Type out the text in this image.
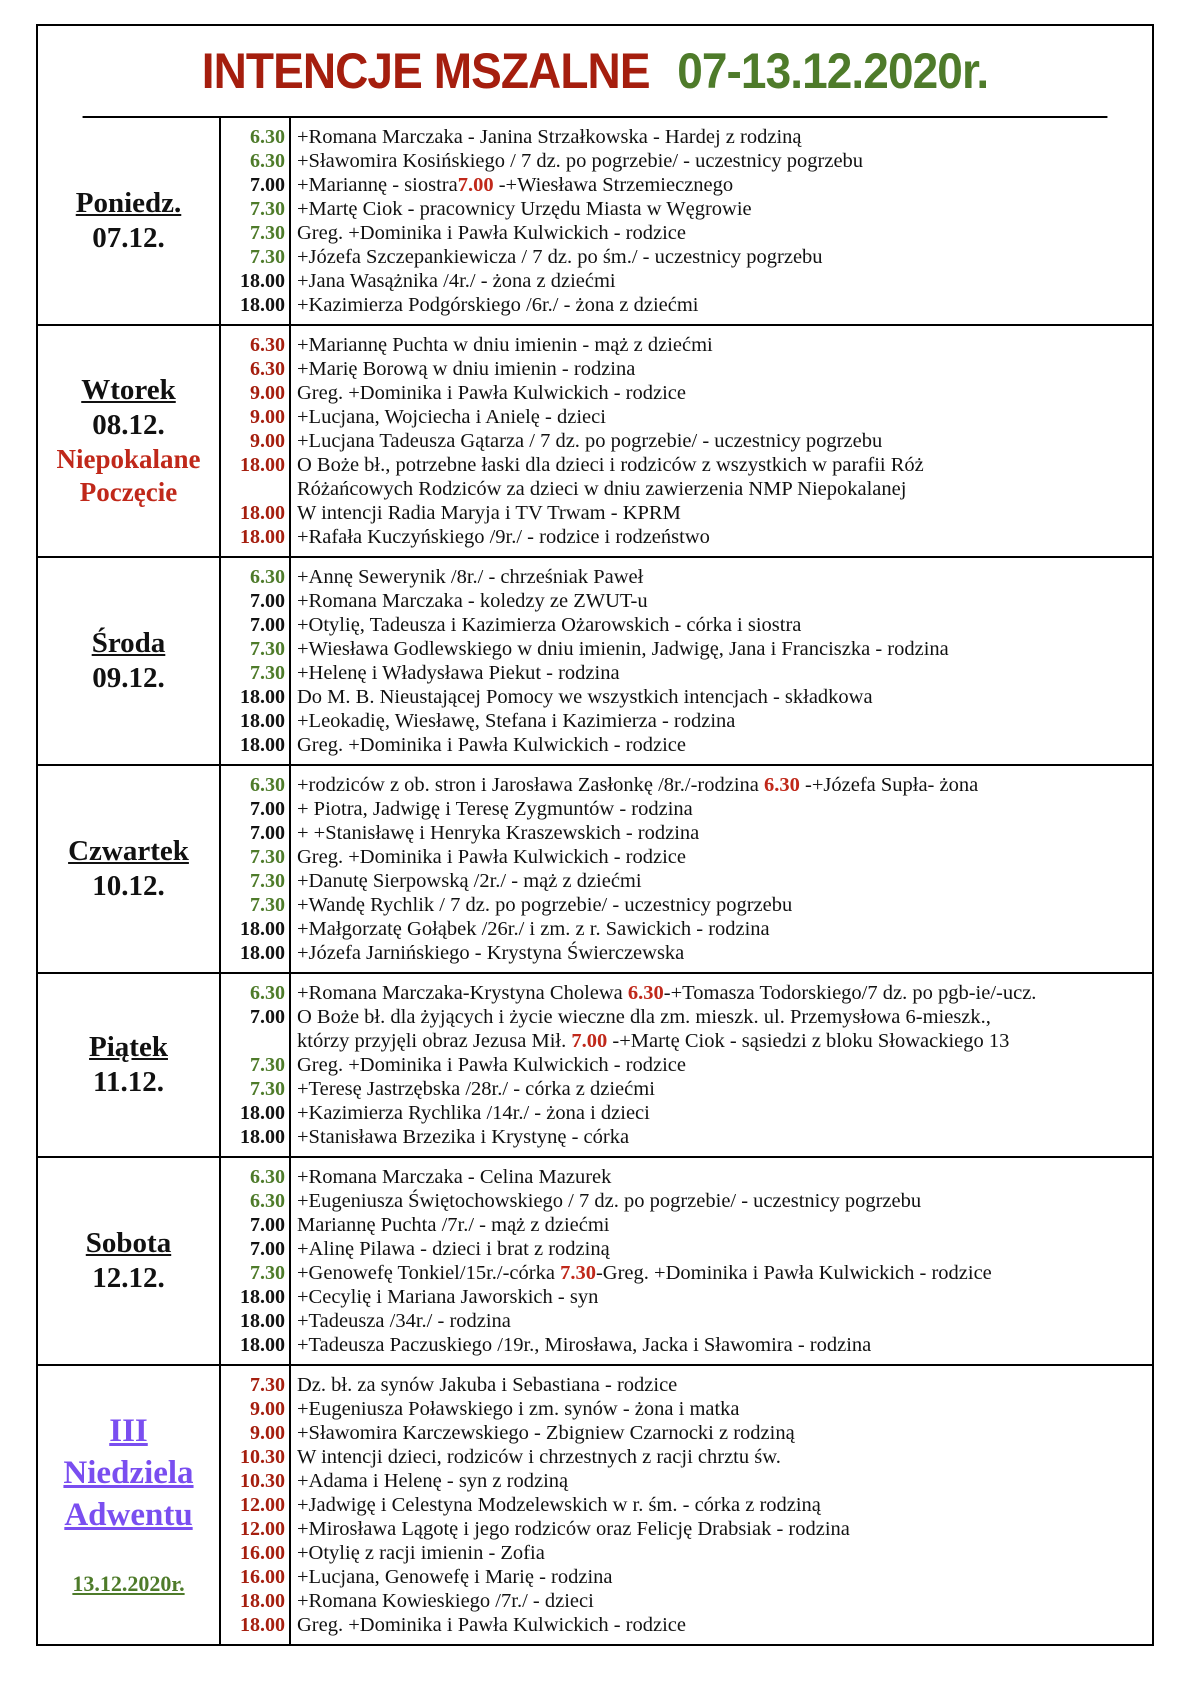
INTENCJE MSZALNE 07-13.12.2020r.
Poniedz.
07.12.
6.30
6.30
7.00
7.30
7.30
7.30
18.00
18.00
+Romana Marczaka - Janina Strzałkowska - Hardej z rodziną
+Sławomira Kosińskiego / 7 dz. po pogrzebie/ - uczestnicy pogrzebu
+Mariannę - siostra7.00 -+Wiesława Strzemiecznego
+Martę Ciok - pracownicy Urzędu Miasta w Węgrowie
Greg. +Dominika i Pawła Kulwickich - rodzice
+Józefa Szczepankiewicza / 7 dz. po śm./ - uczestnicy pogrzebu
+Jana Wasążnika /4r./ - żona z dziećmi
+Kazimierza Podgórskiego /6r./ - żona z dziećmi
Wtorek
08.12.
Niepokalane
Poczęcie
6.30
6.30
9.00
9.00
9.00
18.00

18.00
18.00
+Mariannę Puchta w dniu imienin - mąż z dziećmi
+Marię Borową w dniu imienin - rodzina
Greg. +Dominika i Pawła Kulwickich - rodzice
+Lucjana, Wojciecha i Anielę - dzieci
+Lucjana Tadeusza Gątarza / 7 dz. po pogrzebie/ - uczestnicy pogrzebu
O Boże bł., potrzebne łaski dla dzieci i rodziców z wszystkich w parafii Róż
Różańcowych Rodziców za dzieci w dniu zawierzenia NMP Niepokalanej
W intencji Radia Maryja i TV Trwam - KPRM
+Rafała Kuczyńskiego /9r./ - rodzice i rodzeństwo
Środa
09.12.
6.30
7.00
7.00
7.30
7.30
18.00
18.00
18.00
+Annę Sewerynik /8r./ - chrześniak Paweł
+Romana Marczaka - koledzy ze ZWUT-u
+Otylię, Tadeusza i Kazimierza Ożarowskich - córka i siostra
+Wiesława Godlewskiego w dniu imienin, Jadwigę, Jana i Franciszka - rodzina
+Helenę i Władysława Piekut - rodzina
Do M. B. Nieustającej Pomocy we wszystkich intencjach - składkowa
+Leokadię, Wiesławę, Stefana i Kazimierza - rodzina
Greg. +Dominika i Pawła Kulwickich - rodzice
Czwartek
10.12.
6.30
7.00
7.00
7.30
7.30
7.30
18.00
18.00
+rodziców z ob. stron i Jarosława Zasłonkę /8r./-rodzina 6.30 -+Józefa Supła- żona
+ Piotra, Jadwigę i Teresę Zygmuntów - rodzina
+ +Stanisławę i Henryka Kraszewskich - rodzina
Greg. +Dominika i Pawła Kulwickich - rodzice
+Danutę Sierpowską /2r./ - mąż z dziećmi
+Wandę Rychlik / 7 dz. po pogrzebie/ - uczestnicy pogrzebu
+Małgorzatę Gołąbek /26r./ i zm. z r. Sawickich - rodzina
+Józefa Jarnińskiego - Krystyna Świerczewska
Piątek
11.12.
6.30
7.00

7.30
7.30
18.00
18.00
+Romana Marczaka-Krystyna Cholewa 6.30-+Tomasza Todorskiego/7 dz. po pgb-ie/-ucz.
O Boże bł. dla żyjących i życie wieczne dla zm. mieszk. ul. Przemysłowa 6-mieszk.,
którzy przyjęli obraz Jezusa Mił. 7.00 -+Martę Ciok - sąsiedzi z bloku Słowackiego 13
Greg. +Dominika i Pawła Kulwickich - rodzice
+Teresę Jastrzębska /28r./ - córka z dziećmi
+Kazimierza Rychlika /14r./ - żona i dzieci
+Stanisława Brzezika i Krystynę - córka
Sobota
12.12.
6.30
6.30
7.00
7.00
7.30
18.00
18.00
18.00
+Romana Marczaka - Celina Mazurek
+Eugeniusza Świętochowskiego / 7 dz. po pogrzebie/ - uczestnicy pogrzebu
Mariannę Puchta /7r./ - mąż z dziećmi
+Alinę Pilawa - dzieci i brat z rodziną
+Genowefę Tonkiel/15r./-córka 7.30-Greg. +Dominika i Pawła Kulwickich - rodzice
+Cecylię i Mariana Jaworskich - syn
+Tadeusza /34r./ - rodzina
+Tadeusza Paczuskiego /19r., Mirosława, Jacka i Sławomira - rodzina
III
Niedziela
Adwentu
13.12.2020r.
7.30
9.00
9.00
10.30
10.30
12.00
12.00
16.00
16.00
18.00
18.00
Dz. bł. za synów Jakuba i Sebastiana - rodzice
+Eugeniusza Poławskiego i zm. synów - żona i matka
+Sławomira Karczewskiego - Zbigniew Czarnocki z rodziną
W intencji dzieci, rodziców i chrzestnych z racji chrztu św.
+Adama i Helenę - syn z rodziną
+Jadwigę i Celestyna Modzelewskich w r. śm. - córka z rodziną
+Mirosława Lągotę i jego rodziców oraz Felicję Drabsiak - rodzina
+Otylię z racji imienin - Zofia
+Lucjana, Genowefę i Marię - rodzina
+Romana Kowieskiego /7r./ - dzieci
Greg. +Dominika i Pawła Kulwickich - rodzice
